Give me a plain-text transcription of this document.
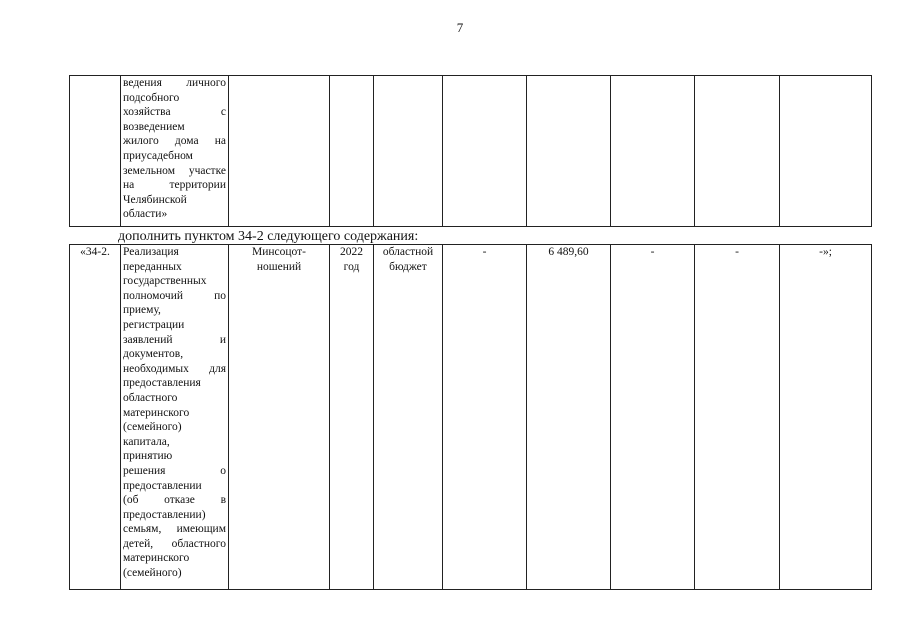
7

ведения личного
подсобного
хозяйства с
возведением
жилого дома на
приусадебном
земельном участке
на территории
Челябинской
области»

дополнить пунктом 34-2 следующего содержания:
«34-2.	Реализация
переданных
государственных
полномочий по
приему,
регистрации
заявлений и
документов,
необходимых для
предоставления
областного
материнского
(семейного)
капитала,
принятию
решения о
предоставлении
(об отказе в
предоставлении)
семьям, имеющим
детей, областного
материнского
(семейного)
	Минсоцот-ношений	2022 год	областной бюджет	-	6 489,60	-	-	-»;
